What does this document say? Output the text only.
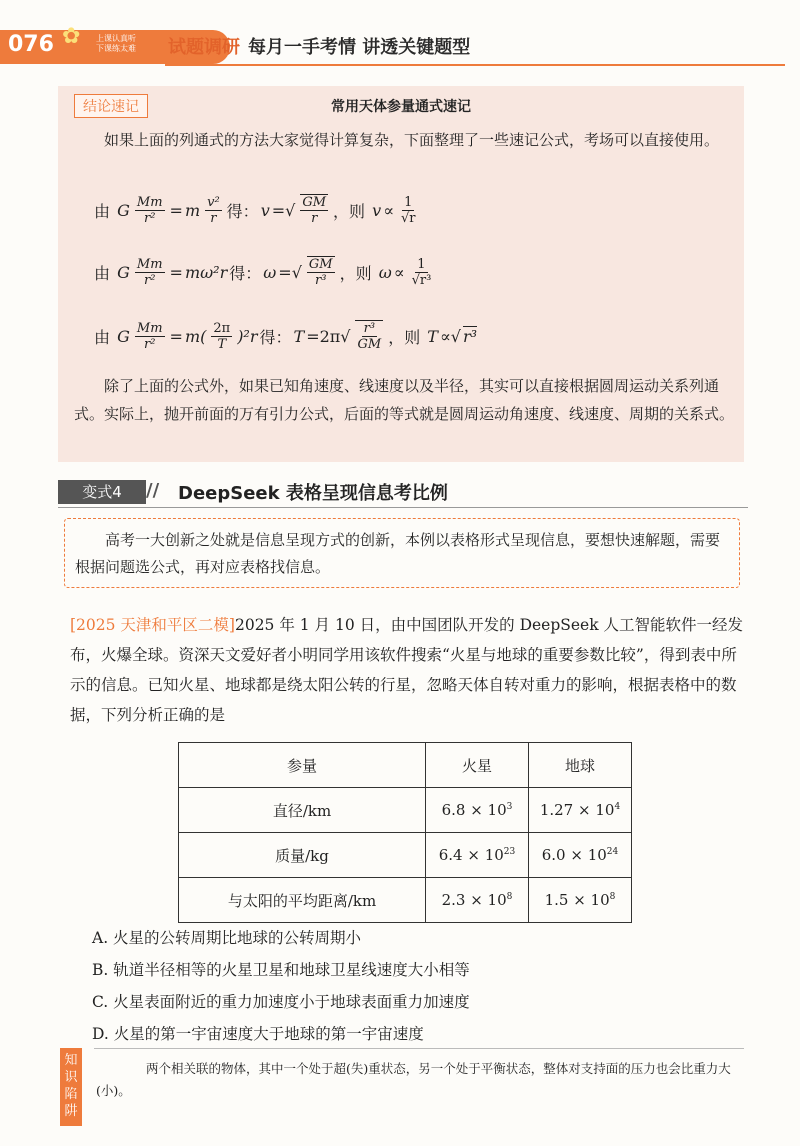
076 ✿ 上课认真听 下课练太难	试题调研 每月一手考情 讲透关键题型
结论速记	常用天体参量通式速记
如果上面的列通式的方法大家觉得计算复杂，下面整理了一些速记公式，考场可以直接使用。
由 G $\frac{Mm}{\text{r²}} = m \frac{\text{v²}}{r}$ 得： v =√ $\frac{GM}{r}$ ，则 $v \propto \frac{1}{√r}$
由 G $\frac{Mm}{\text{r²}} = m\omega^2r$ 得： ω =√ $\frac{GM}{\text{r³}}$ ，则 $\omega \propto \frac{1}{\text{√r³}}$
由 G $\frac{Mm}{\text{r²}} = m( \frac{2\pi}{T} )^2r$ 得： $T =2\pi√ \frac{\text{r³}}{GM}$ ，则 T ∝√ r³
除了上面的公式外，如果已知角速度、线速度以及半径，其实可以直接根据圆周运动关系列通式。实际上，抛开前面的万有引力公式，后面的等式就是圆周运动角速度、线速度、周期的关系式。
变式4	// DeepSeek 表格呈现信息考比例
高考一大创新之处就是信息呈现方式的创新，本例以表格形式呈现信息，要想快速解题，需要根据问题选公式，再对应表格找信息。
[2025 天津和平区二模]2025 年 1 月 10 日，由中国团队开发的 DeepSeek 人工智能软件一经发布，火爆全球。资深天文爱好者小明同学用该软件搜索“火星与地球的重要参数比较”，得到表中所示的信息。已知火星、地球都是绕太阳公转的行星，忽略天体自转对重力的影响，根据表格中的数据，下列分析正确的是
参量	火星	地球
直径/km	$6.8 \times 10^3$	$1.27 \times 10^4$
质量/kg	$6.4 \times 10^{23}$	$6.0 \times 10^{24}$
与太阳的平均距离/km	$2.3 \times 10^8$	$1.5 \times 10^8$
A. 火星的公转周期比地球的公转周期小
B. 轨道半径相等的火星卫星和地球卫星线速度大小相等
C. 火星表面附近的重力加速度小于地球表面重力加速度
D. 火星的第一宇宙速度大于地球的第一宇宙速度
知识陷阱
两个相关联的物体，其中一个处于超(失)重状态，另一个处于平衡状态，整体对支持面的压力也会比重力大(小)。
